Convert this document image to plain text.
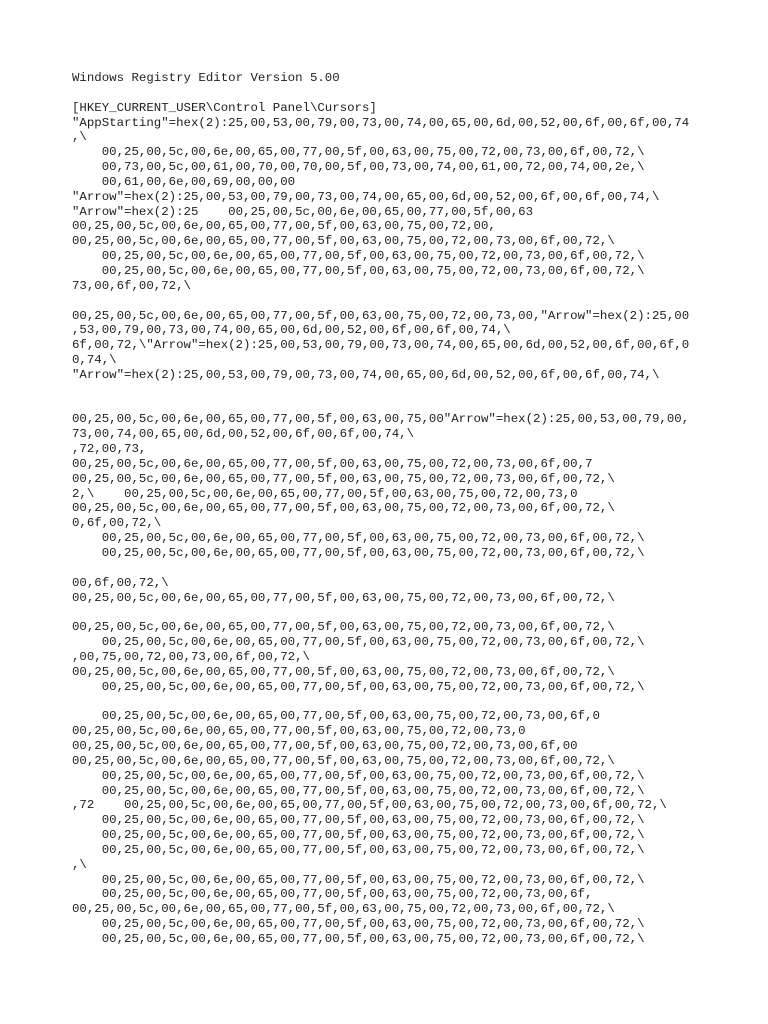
Windows Registry Editor Version 5.00
[HKEY_CURRENT_USER\Control Panel\Cursors]
"AppStarting"=hex(2):25,00,53,00,79,00,73,00,74,00,65,00,6d,00,52,00,6f,00,6f,00,74
,\
00,25,00,5c,00,6e,00,65,00,77,00,5f,00,63,00,75,00,72,00,73,00,6f,00,72,\
00,73,00,5c,00,61,00,70,00,70,00,5f,00,73,00,74,00,61,00,72,00,74,00,2e,\
00,61,00,6e,00,69,00,00,00
"Arrow"=hex(2):25,00,53,00,79,00,73,00,74,00,65,00,6d,00,52,00,6f,00,6f,00,74,\
"Arrow"=hex(2):25    00,25,00,5c,00,6e,00,65,00,77,00,5f,00,63
00,25,00,5c,00,6e,00,65,00,77,00,5f,00,63,00,75,00,72,00,
00,25,00,5c,00,6e,00,65,00,77,00,5f,00,63,00,75,00,72,00,73,00,6f,00,72,\
00,25,00,5c,00,6e,00,65,00,77,00,5f,00,63,00,75,00,72,00,73,00,6f,00,72,\
00,25,00,5c,00,6e,00,65,00,77,00,5f,00,63,00,75,00,72,00,73,00,6f,00,72,\
73,00,6f,00,72,\
00,25,00,5c,00,6e,00,65,00,77,00,5f,00,63,00,75,00,72,00,73,00,"Arrow"=hex(2):25,00
,53,00,79,00,73,00,74,00,65,00,6d,00,52,00,6f,00,6f,00,74,\
6f,00,72,\"Arrow"=hex(2):25,00,53,00,79,00,73,00,74,00,65,00,6d,00,52,00,6f,00,6f,0
0,74,\
"Arrow"=hex(2):25,00,53,00,79,00,73,00,74,00,65,00,6d,00,52,00,6f,00,6f,00,74,\
00,25,00,5c,00,6e,00,65,00,77,00,5f,00,63,00,75,00"Arrow"=hex(2):25,00,53,00,79,00,
73,00,74,00,65,00,6d,00,52,00,6f,00,6f,00,74,\
,72,00,73,
00,25,00,5c,00,6e,00,65,00,77,00,5f,00,63,00,75,00,72,00,73,00,6f,00,7
00,25,00,5c,00,6e,00,65,00,77,00,5f,00,63,00,75,00,72,00,73,00,6f,00,72,\
2,\    00,25,00,5c,00,6e,00,65,00,77,00,5f,00,63,00,75,00,72,00,73,0
00,25,00,5c,00,6e,00,65,00,77,00,5f,00,63,00,75,00,72,00,73,00,6f,00,72,\
0,6f,00,72,\
00,25,00,5c,00,6e,00,65,00,77,00,5f,00,63,00,75,00,72,00,73,00,6f,00,72,\
00,25,00,5c,00,6e,00,65,00,77,00,5f,00,63,00,75,00,72,00,73,00,6f,00,72,\
00,6f,00,72,\
00,25,00,5c,00,6e,00,65,00,77,00,5f,00,63,00,75,00,72,00,73,00,6f,00,72,\
00,25,00,5c,00,6e,00,65,00,77,00,5f,00,63,00,75,00,72,00,73,00,6f,00,72,\
00,25,00,5c,00,6e,00,65,00,77,00,5f,00,63,00,75,00,72,00,73,00,6f,00,72,\
,00,75,00,72,00,73,00,6f,00,72,\
00,25,00,5c,00,6e,00,65,00,77,00,5f,00,63,00,75,00,72,00,73,00,6f,00,72,\
00,25,00,5c,00,6e,00,65,00,77,00,5f,00,63,00,75,00,72,00,73,00,6f,00,72,\
00,25,00,5c,00,6e,00,65,00,77,00,5f,00,63,00,75,00,72,00,73,00,6f,0
00,25,00,5c,00,6e,00,65,00,77,00,5f,00,63,00,75,00,72,00,73,0
00,25,00,5c,00,6e,00,65,00,77,00,5f,00,63,00,75,00,72,00,73,00,6f,00
00,25,00,5c,00,6e,00,65,00,77,00,5f,00,63,00,75,00,72,00,73,00,6f,00,72,\
00,25,00,5c,00,6e,00,65,00,77,00,5f,00,63,00,75,00,72,00,73,00,6f,00,72,\
00,25,00,5c,00,6e,00,65,00,77,00,5f,00,63,00,75,00,72,00,73,00,6f,00,72,\
,72    00,25,00,5c,00,6e,00,65,00,77,00,5f,00,63,00,75,00,72,00,73,00,6f,00,72,\
00,25,00,5c,00,6e,00,65,00,77,00,5f,00,63,00,75,00,72,00,73,00,6f,00,72,\
00,25,00,5c,00,6e,00,65,00,77,00,5f,00,63,00,75,00,72,00,73,00,6f,00,72,\
00,25,00,5c,00,6e,00,65,00,77,00,5f,00,63,00,75,00,72,00,73,00,6f,00,72,\
,\
00,25,00,5c,00,6e,00,65,00,77,00,5f,00,63,00,75,00,72,00,73,00,6f,00,72,\
00,25,00,5c,00,6e,00,65,00,77,00,5f,00,63,00,75,00,72,00,73,00,6f,
00,25,00,5c,00,6e,00,65,00,77,00,5f,00,63,00,75,00,72,00,73,00,6f,00,72,\
00,25,00,5c,00,6e,00,65,00,77,00,5f,00,63,00,75,00,72,00,73,00,6f,00,72,\
00,25,00,5c,00,6e,00,65,00,77,00,5f,00,63,00,75,00,72,00,73,00,6f,00,72,\
